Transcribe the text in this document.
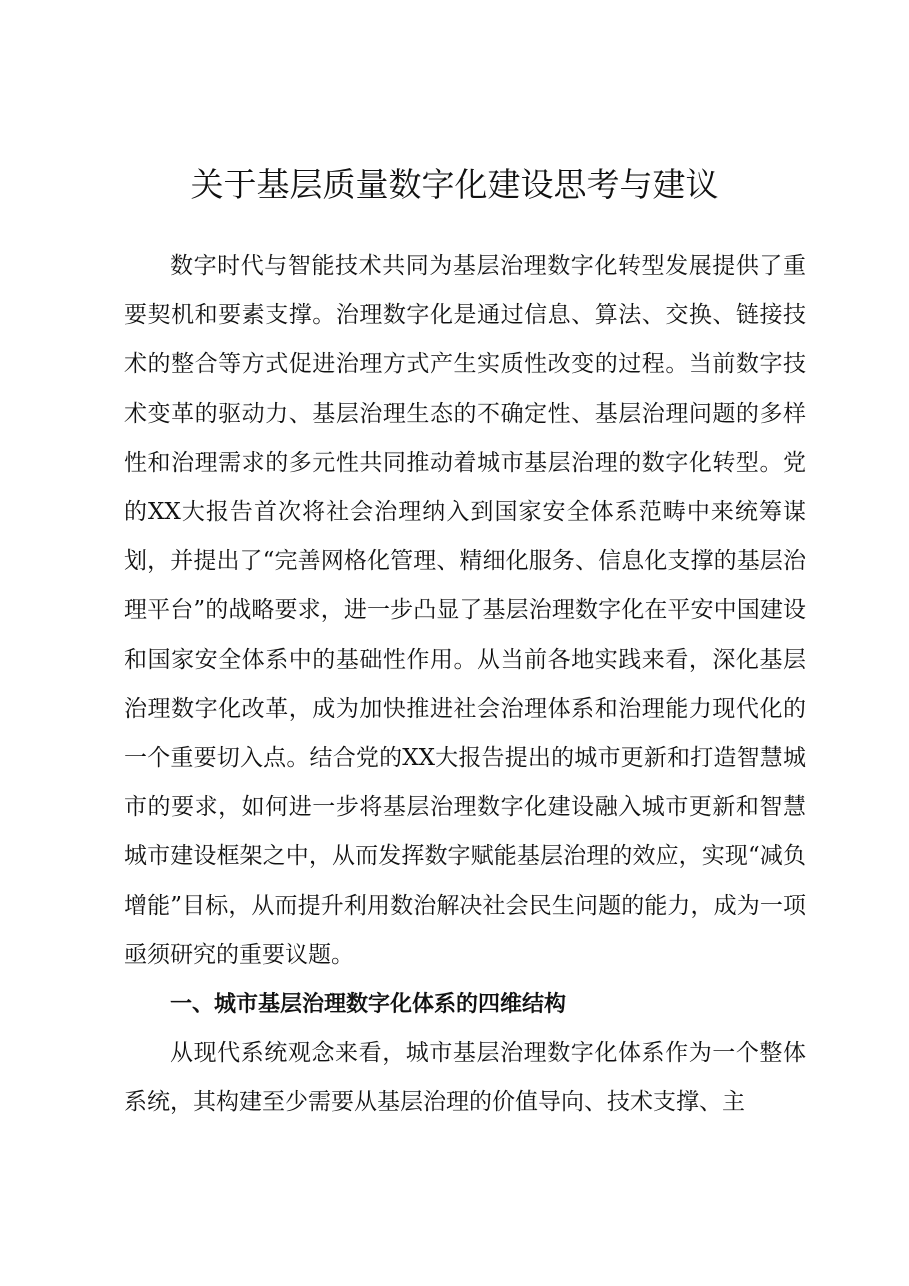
关于基层质量数字化建设思考与建议

数字时代与智能技术共同为基层治理数字化转型发展提供了重要契机和要素支撑。治理数字化是通过信息、算法、交换、链接技术的整合等方式促进治理方式产生实质性改变的过程。当前数字技术变革的驱动力、基层治理生态的不确定性、基层治理问题的多样性和治理需求的多元性共同推动着城市基层治理的数字化转型。党的XX大报告首次将社会治理纳入到国家安全体系范畴中来统筹谋划，并提出了“完善网格化管理、精细化服务、信息化支撑的基层治理平台”的战略要求，进一步凸显了基层治理数字化在平安中国建设和国家安全体系中的基础性作用。从当前各地实践来看，深化基层治理数字化改革，成为加快推进社会治理体系和治理能力现代化的一个重要切入点。结合党的XX大报告提出的城市更新和打造智慧城市的要求，如何进一步将基层治理数字化建设融入城市更新和智慧城市建设框架之中，从而发挥数字赋能基层治理的效应，实现“减负增能”目标，从而提升利用数治解决社会民生问题的能力，成为一项亟须研究的重要议题。

一、城市基层治理数字化体系的四维结构

从现代系统观念来看，城市基层治理数字化体系作为一个整体系统，其构建至少需要从基层治理的价值导向、技术支撑、主
